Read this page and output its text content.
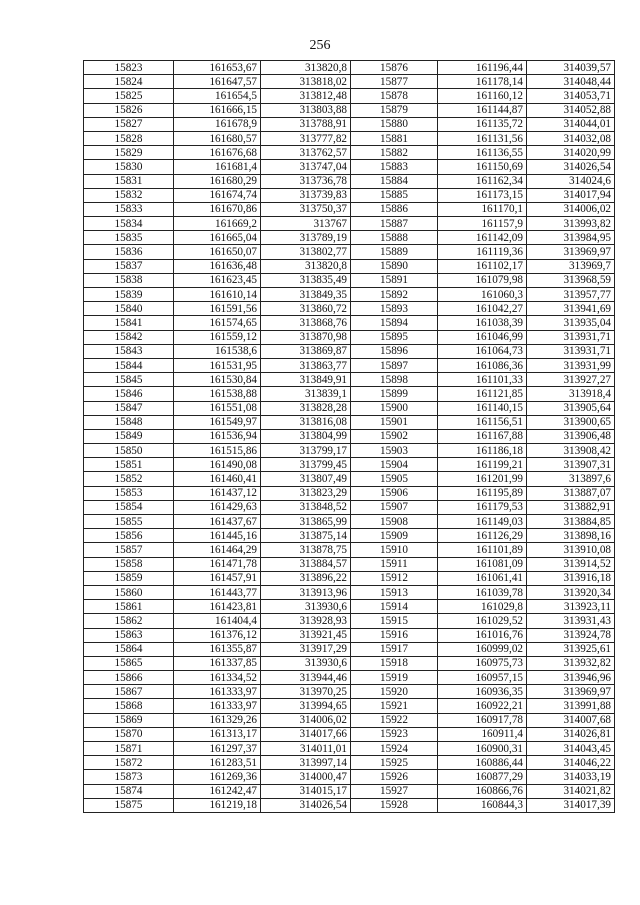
256
15823	161653,67	313820,8	15876	161196,44	314039,57
15824	161647,57	313818,02	15877	161178,14	314048,44
15825	161654,5	313812,48	15878	161160,12	314053,71
15826	161666,15	313803,88	15879	161144,87	314052,88
15827	161678,9	313788,91	15880	161135,72	314044,01
15828	161680,57	313777,82	15881	161131,56	314032,08
15829	161676,68	313762,57	15882	161136,55	314020,99
15830	161681,4	313747,04	15883	161150,69	314026,54
15831	161680,29	313736,78	15884	161162,34	314024,6
15832	161674,74	313739,83	15885	161173,15	314017,94
15833	161670,86	313750,37	15886	161170,1	314006,02
15834	161669,2	313767	15887	161157,9	313993,82
15835	161665,04	313789,19	15888	161142,09	313984,95
15836	161650,07	313802,77	15889	161119,36	313969,97
15837	161636,48	313820,8	15890	161102,17	313969,7
15838	161623,45	313835,49	15891	161079,98	313968,59
15839	161610,14	313849,35	15892	161060,3	313957,77
15840	161591,56	313860,72	15893	161042,27	313941,69
15841	161574,65	313868,76	15894	161038,39	313935,04
15842	161559,12	313870,98	15895	161046,99	313931,71
15843	161538,6	313869,87	15896	161064,73	313931,71
15844	161531,95	313863,77	15897	161086,36	313931,99
15845	161530,84	313849,91	15898	161101,33	313927,27
15846	161538,88	313839,1	15899	161121,85	313918,4
15847	161551,08	313828,28	15900	161140,15	313905,64
15848	161549,97	313816,08	15901	161156,51	313900,65
15849	161536,94	313804,99	15902	161167,88	313906,48
15850	161515,86	313799,17	15903	161186,18	313908,42
15851	161490,08	313799,45	15904	161199,21	313907,31
15852	161460,41	313807,49	15905	161201,99	313897,6
15853	161437,12	313823,29	15906	161195,89	313887,07
15854	161429,63	313848,52	15907	161179,53	313882,91
15855	161437,67	313865,99	15908	161149,03	313884,85
15856	161445,16	313875,14	15909	161126,29	313898,16
15857	161464,29	313878,75	15910	161101,89	313910,08
15858	161471,78	313884,57	15911	161081,09	313914,52
15859	161457,91	313896,22	15912	161061,41	313916,18
15860	161443,77	313913,96	15913	161039,78	313920,34
15861	161423,81	313930,6	15914	161029,8	313923,11
15862	161404,4	313928,93	15915	161029,52	313931,43
15863	161376,12	313921,45	15916	161016,76	313924,78
15864	161355,87	313917,29	15917	160999,02	313925,61
15865	161337,85	313930,6	15918	160975,73	313932,82
15866	161334,52	313944,46	15919	160957,15	313946,96
15867	161333,97	313970,25	15920	160936,35	313969,97
15868	161333,97	313994,65	15921	160922,21	313991,88
15869	161329,26	314006,02	15922	160917,78	314007,68
15870	161313,17	314017,66	15923	160911,4	314026,81
15871	161297,37	314011,01	15924	160900,31	314043,45
15872	161283,51	313997,14	15925	160886,44	314046,22
15873	161269,36	314000,47	15926	160877,29	314033,19
15874	161242,47	314015,17	15927	160866,76	314021,82
15875	161219,18	314026,54	15928	160844,3	314017,39
